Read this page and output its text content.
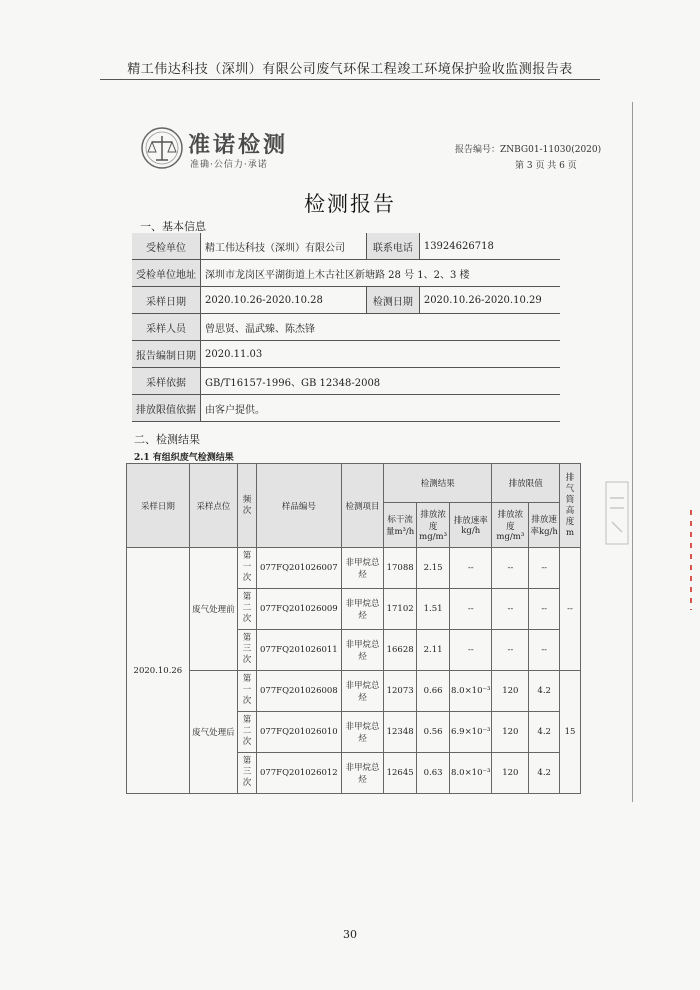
精工伟达科技（深圳）有限公司废气环保工程竣工环境保护验收监测报告表
准诺检测
准确·公信力·承诺
报告编号：ZNBG01-11030(2020)
第 3 页 共 6 页
检测报告
一、基本信息
受检单位	精工伟达科技（深圳）有限公司	联系电话	13924626718
受检单位地址	深圳市龙岗区平湖街道上木古社区新塘路 28 号 1、2、3 楼		
采样日期	2020.10.26-2020.10.28	检测日期	2020.10.26-2020.10.29
采样人员	曾思贤、温武臻、陈杰锋		
报告编制日期	2020.11.03		
采样依据	GB/T16157-1996、GB 12348-2008		
排放限值依据	由客户提供。		
二、检测结果
2.1 有组织废气检测结果
采样日期	采样点位	频次	样品编号	检测项目	检测结果			排放限值		排气筒高度m
					标干流量m³/h	排放浓度mg/m³	排放速率kg/h	排放浓度mg/m³	排放速率kg/h	
2020.10.26	废气处理前	第一次	077FQ201026007	非甲烷总烃	17088	2.15	--	--	--	--
		第二次	077FQ201026009	非甲烷总烃	17102	1.51	--	--	--	
		第三次	077FQ201026011	非甲烷总烃	16628	2.11	--	--	--	
	废气处理后	第一次	077FQ201026008	非甲烷总烃	12073	0.66	8.0×10⁻³	120	4.2	15
		第二次	077FQ201026010	非甲烷总烃	12348	0.56	6.9×10⁻³	120	4.2	
		第三次	077FQ201026012	非甲烷总烃	12645	0.63	8.0×10⁻³	120	4.2	
30
